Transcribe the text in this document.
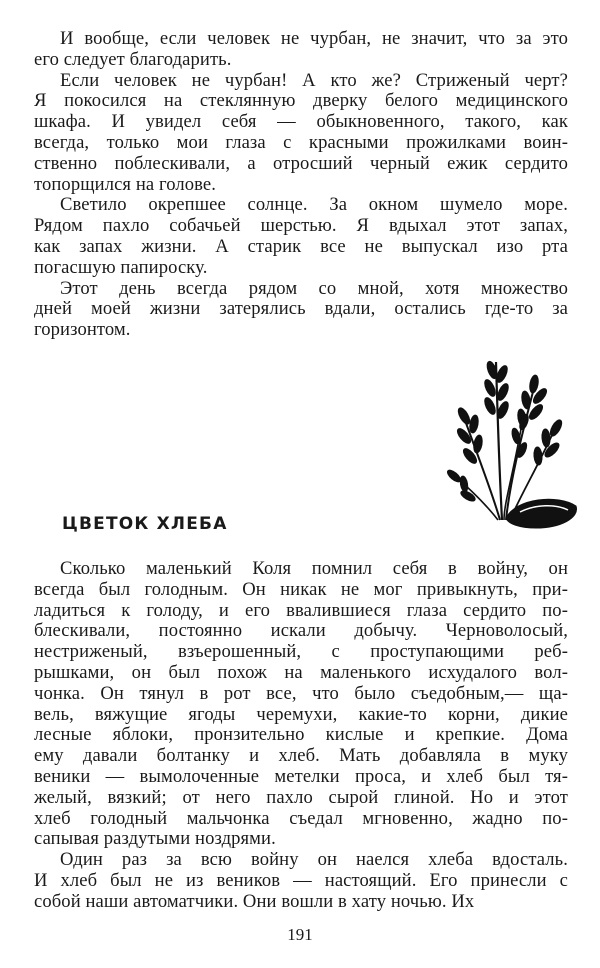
И вообще, если человек не чурбан, не значит, что за это
его следует благодарить.
Если человек не чурбан! А кто же? Стриженый черт?
Я покосился на стеклянную дверку белого медицинского
шкафа. И увидел себя — обыкновенного, такого, как
всегда, только мои глаза с красными прожилками воин-
ственно поблескивали, а отросший черный ежик сердито
топорщился на голове.
Светило окрепшее солнце. За окном шумело море.
Рядом пахло собачьей шерстью. Я вдыхал этот запах,
как запах жизни. А старик все не выпускал изо рта
погасшую папироску.
Этот день всегда рядом со мной, хотя множество
дней моей жизни затерялись вдали, остались где-то за
горизонтом.
ЦВЕТОК ХЛЕБА
Сколько маленький Коля помнил себя в войну, он
всегда был голодным. Он никак не мог привыкнуть, при-
ладиться к голоду, и его ввалившиеся глаза сердито по-
блескивали, постоянно искали добычу. Черноволосый,
нестриженый, взъерошенный, с проступающими реб-
рышками, он был похож на маленького исхудалого вол-
чонка. Он тянул в рот все, что было съедобным,— ща-
вель, вяжущие ягоды черемухи, какие-то корни, дикие
лесные яблоки, пронзительно кислые и крепкие. Дома
ему давали болтанку и хлеб. Мать добавляла в муку
веники — вымолоченные метелки проса, и хлеб был тя-
желый, вязкий; от него пахло сырой глиной. Но и этот
хлеб голодный мальчонка съедал мгновенно, жадно по-
сапывая раздутыми ноздрями.
Один раз за всю войну он наелся хлеба вдосталь.
И хлеб был не из веников — настоящий. Его принесли с
собой наши автоматчики. Они вошли в хату ночью. Их
191
